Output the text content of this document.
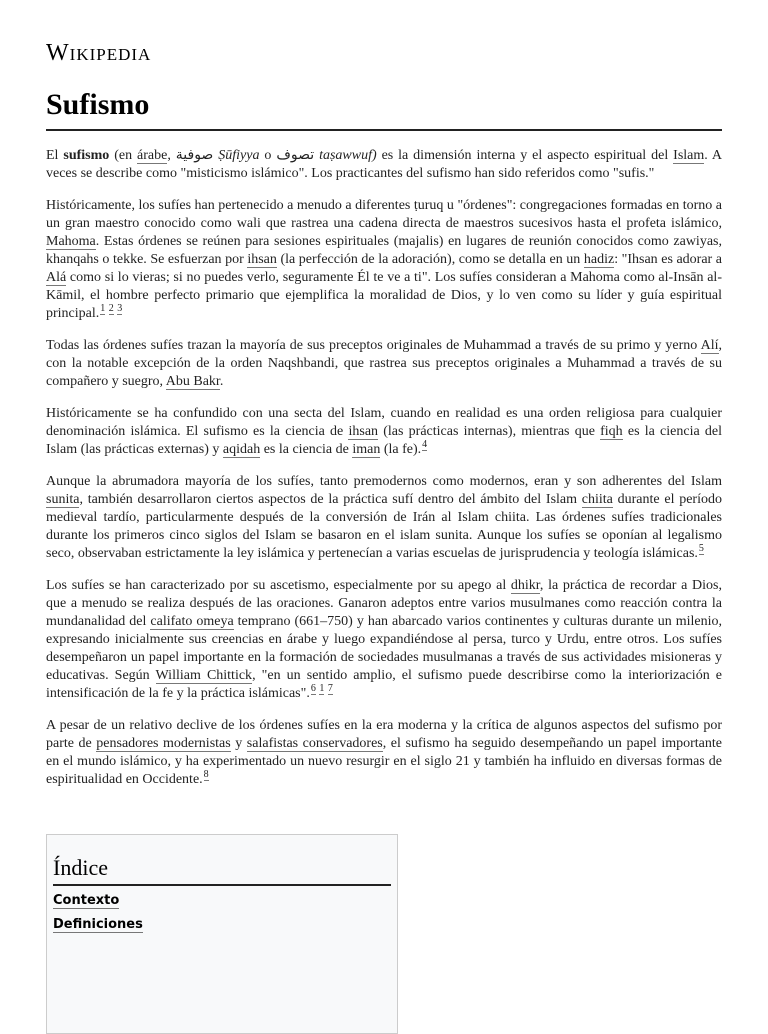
Wikipedia
Sufismo

El sufismo (en árabe, صوفية Ṣūfiyya o تصوف taṣawwuf) es la dimensión interna y el aspecto espiritual del Islam. A veces se describe como "misticismo islámico". Los practicantes del sufismo han sido referidos como "sufis."

Históricamente, los sufíes han pertenecido a menudo a diferentes ṭuruq u "órdenes": congregaciones formadas en torno a un gran maestro conocido como wali que rastrea una cadena directa de maestros sucesivos hasta el profeta islámico, Mahoma. Estas órdenes se reúnen para sesiones espirituales (majalis) en lugares de reunión conocidos como zawiyas, khanqahs o tekke. Se esfuerzan por ihsan (la perfección de la adoración), como se detalla en un hadiz: "Ihsan es adorar a Alá como si lo vieras; si no puedes verlo, seguramente Él te ve a ti". Los sufíes consideran a Mahoma como al-Insān al-Kāmil, el hombre perfecto primario que ejemplifica la moralidad de Dios, y lo ven como su líder y guía espiritual principal.$^{1 2 3}$

Todas las órdenes sufíes trazan la mayoría de sus preceptos originales de Muhammad a través de su primo y yerno Alí, con la notable excepción de la orden Naqshbandi, que rastrea sus preceptos originales a Muhammad a través de su compañero y suegro, Abu Bakr.

Históricamente se ha confundido con una secta del Islam, cuando en realidad es una orden religiosa para cualquier denominación islámica. El sufismo es la ciencia de ihsan (las prácticas internas), mientras que fiqh es la ciencia del Islam (las prácticas externas) y aqidah es la ciencia de iman (la fe).$^4$

Aunque la abrumadora mayoría de los sufíes, tanto premodernos como modernos, eran y son adherentes del Islam sunita, también desarrollaron ciertos aspectos de la práctica sufí dentro del ámbito del Islam chiita durante el período medieval tardío, particularmente después de la conversión de Irán al Islam chiita. Las órdenes sufíes tradicionales durante los primeros cinco siglos del Islam se basaron en el islam sunita. Aunque los sufíes se oponían al legalismo seco, observaban estrictamente la ley islámica y pertenecían a varias escuelas de jurisprudencia y teología islámicas.$^5$

Los sufíes se han caracterizado por su ascetismo, especialmente por su apego al dhikr, la práctica de recordar a Dios, que a menudo se realiza después de las oraciones. Ganaron adeptos entre varios musulmanes como reacción contra la mundanalidad del califato omeya temprano (661–750) y han abarcado varios continentes y culturas durante un milenio, expresando inicialmente sus creencias en árabe y luego expandiéndose al persa, turco y Urdu, entre otros. Los sufíes desempeñaron un papel importante en la formación de sociedades musulmanas a través de sus actividades misioneras y educativas. Según William Chittick, "en un sentido amplio, el sufismo puede describirse como la interiorización e intensificación de la fe y la práctica islámicas".$^{6 1 7}$

A pesar de un relativo declive de los órdenes sufíes en la era moderna y la crítica de algunos aspectos del sufismo por parte de pensadores modernistas y salafistas conservadores, el sufismo ha seguido desempeñando un papel importante en el mundo islámico, y ha experimentado un nuevo resurgir en el siglo 21 y también ha influido en diversas formas de espiritualidad en Occidente.$^8$

Índice
Contexto
Definiciones
